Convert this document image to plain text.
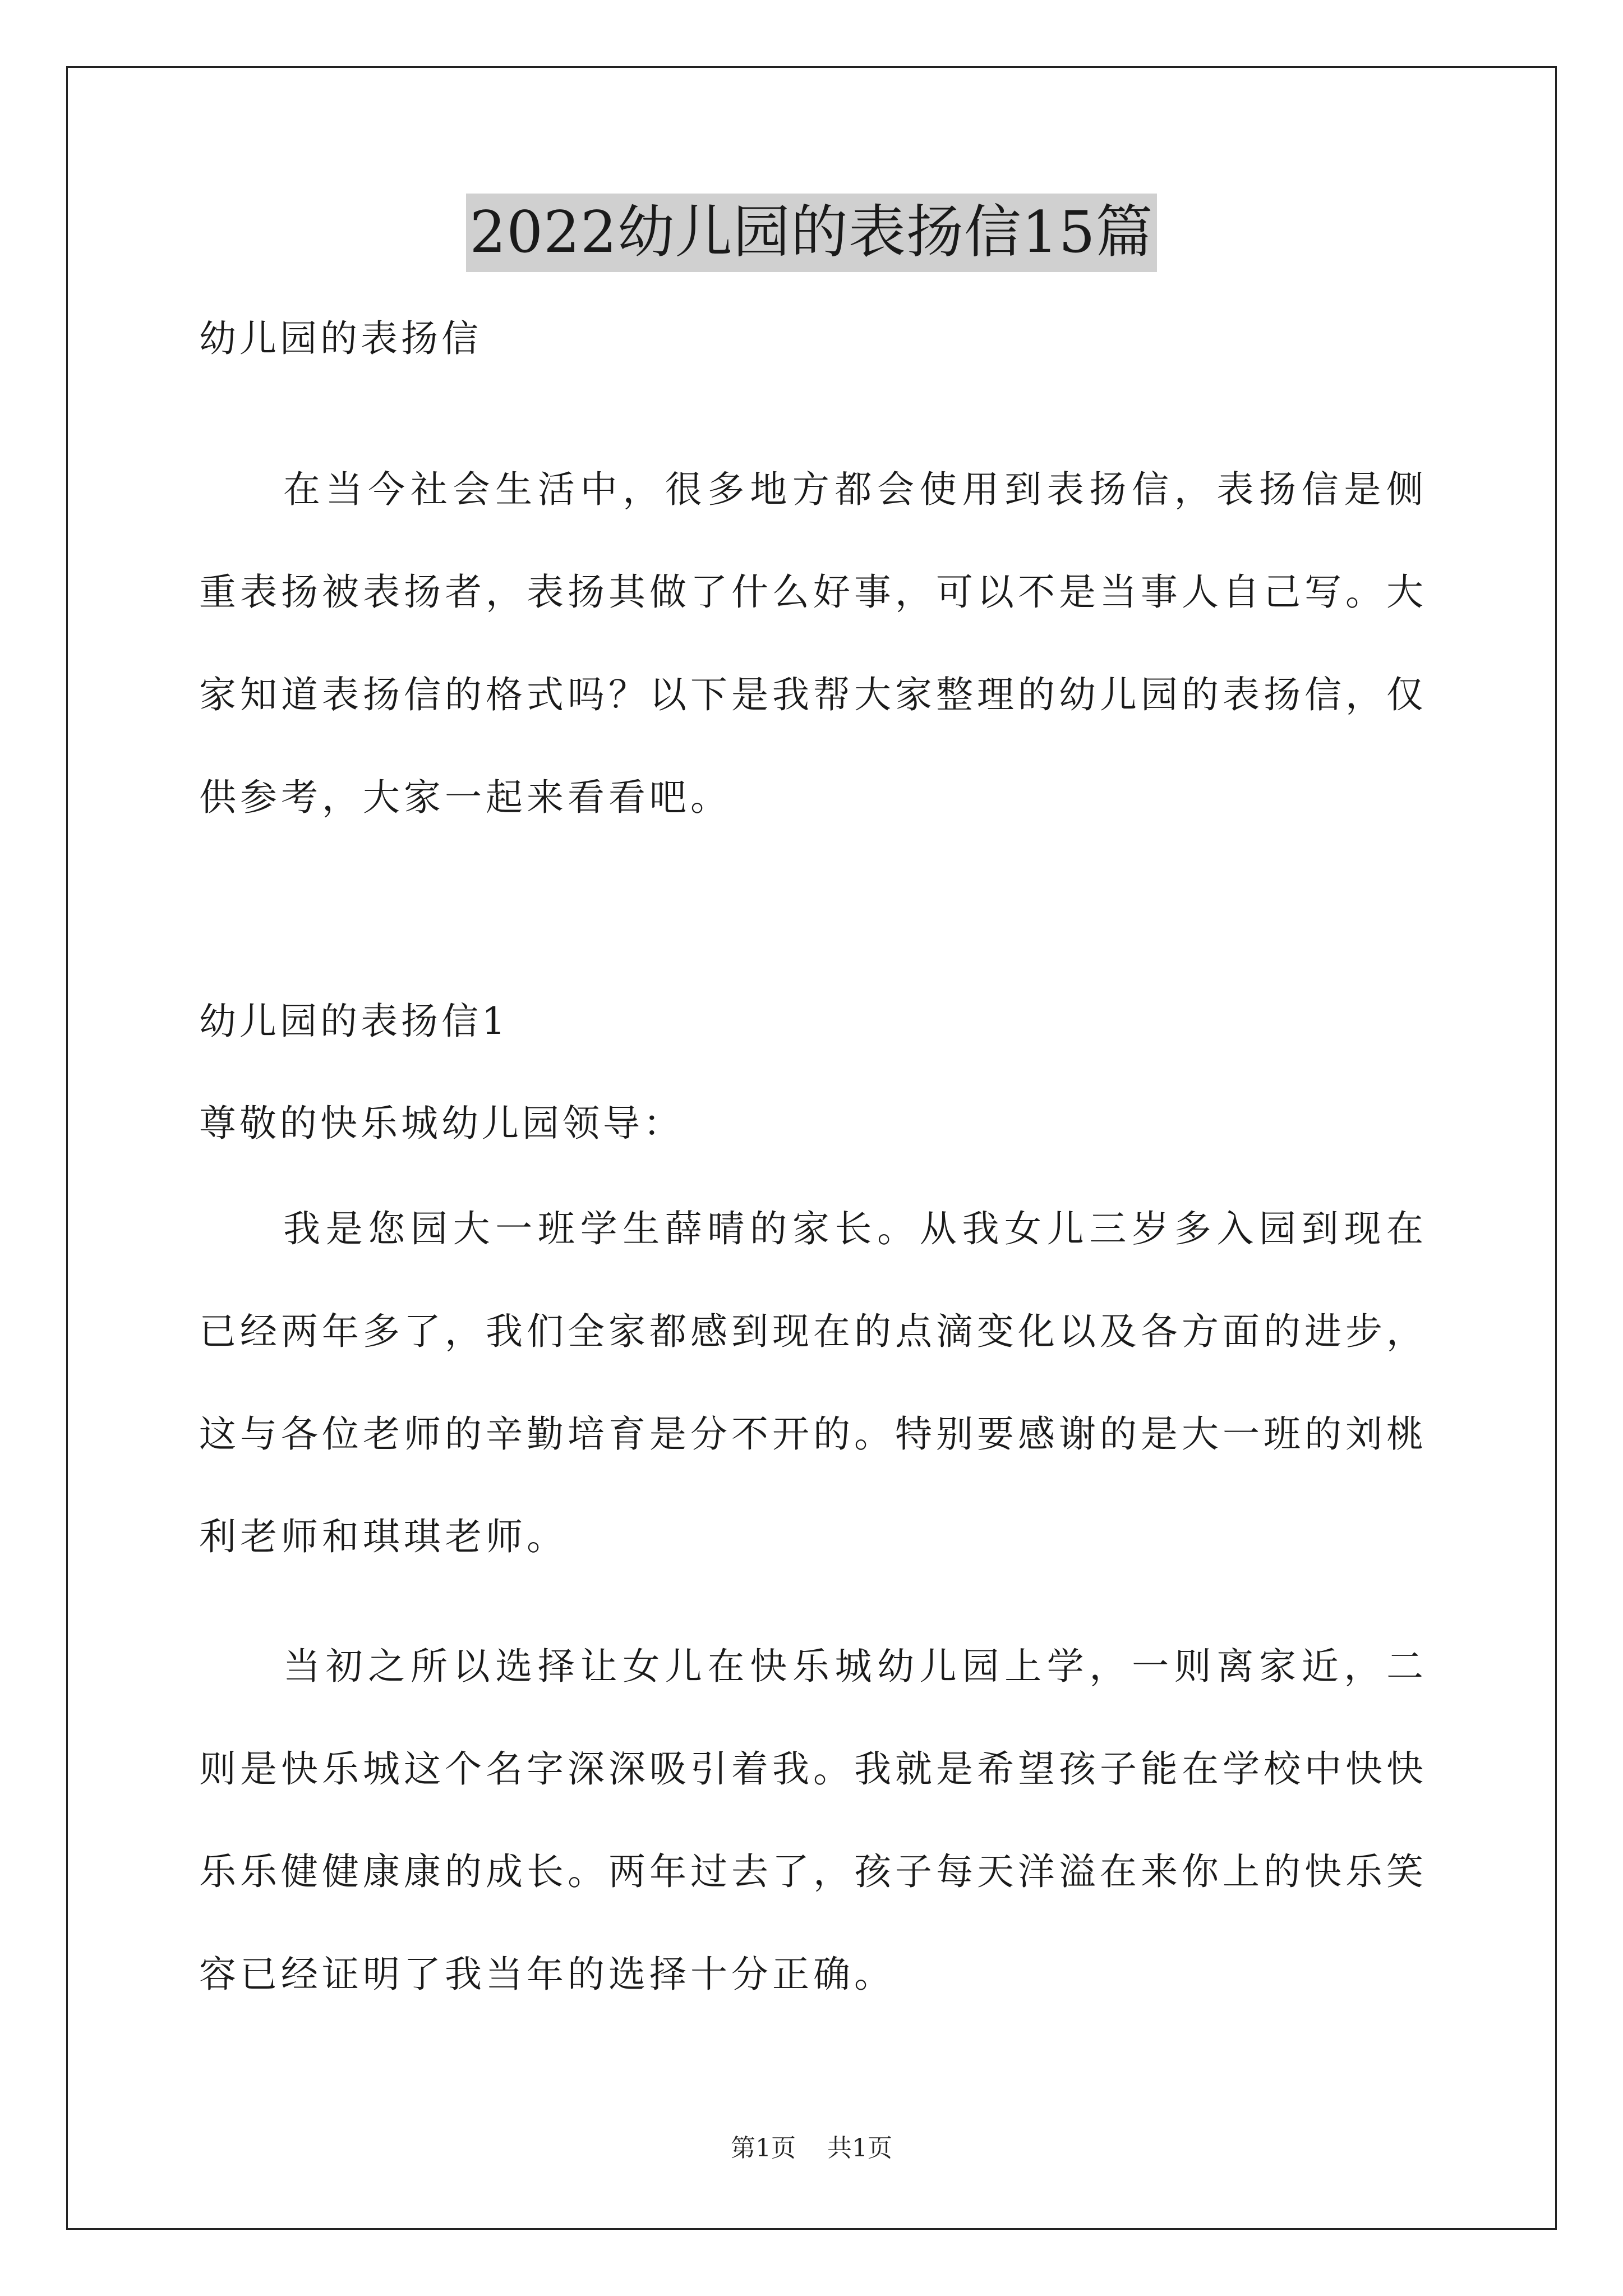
2022幼儿园的表扬信15篇

幼儿园的表扬信

在当今社会生活中，很多地方都会使用到表扬信，表扬信是侧重表扬被表扬者，表扬其做了什么好事，可以不是当事人自己写。大家知道表扬信的格式吗？以下是我帮大家整理的幼儿园的表扬信，仅供参考，大家一起来看看吧。

幼儿园的表扬信1

尊敬的快乐城幼儿园领导：

我是您园大一班学生薛晴的家长。从我女儿三岁多入园到现在已经两年多了，我们全家都感到现在的点滴变化以及各方面的进步，这与各位老师的辛勤培育是分不开的。特别要感谢的是大一班的刘桃利老师和琪琪老师。

当初之所以选择让女儿在快乐城幼儿园上学，一则离家近，二则是快乐城这个名字深深吸引着我。我就是希望孩子能在学校中快快乐乐健健康康的成长。两年过去了，孩子每天洋溢在来你上的快乐笑容已经证明了我当年的选择十分正确。

第1页 共1页
